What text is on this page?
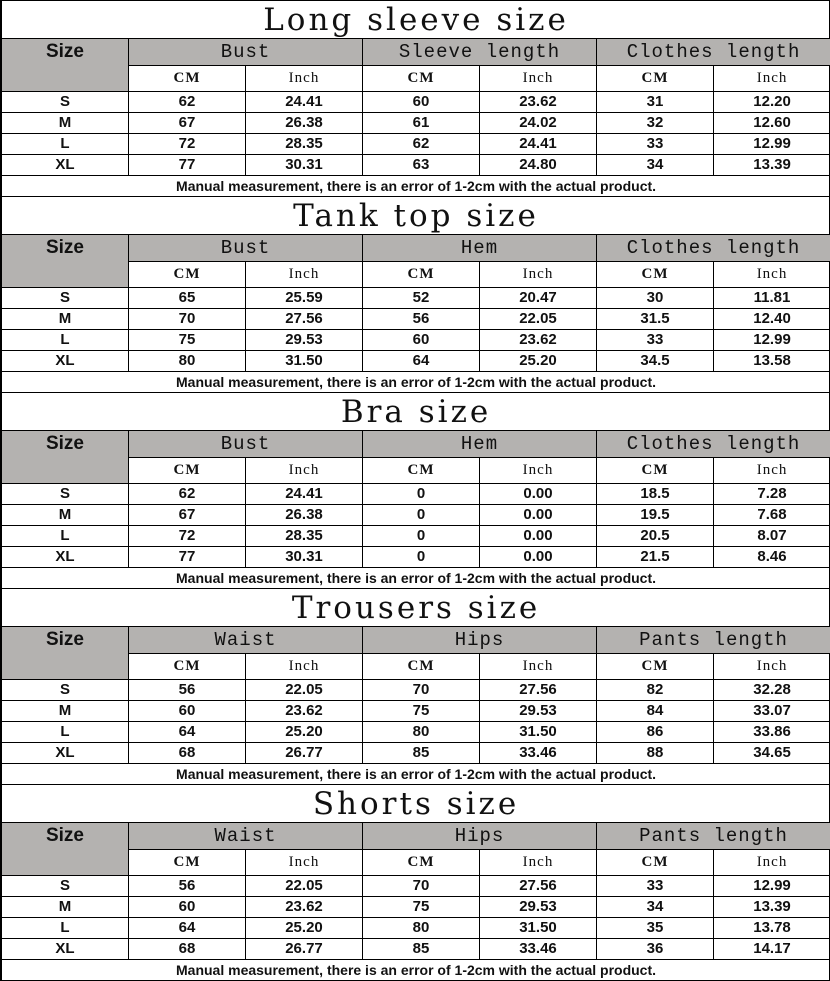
Long sleeve size						
Size	Bust		Sleeve length		Clothes length	
	CM	Inch	CM	Inch	CM	Inch
S	62	24.41	60	23.62	31	12.20
M	67	26.38	61	24.02	32	12.60
L	72	28.35	62	24.41	33	12.99
XL	77	30.31	63	24.80	34	13.39
Manual measurement, there is an error of 1-2cm with the actual product.						
Tank top size						
Size	Bust		Hem		Clothes length	
	CM	Inch	CM	Inch	CM	Inch
S	65	25.59	52	20.47	30	11.81
M	70	27.56	56	22.05	31.5	12.40
L	75	29.53	60	23.62	33	12.99
XL	80	31.50	64	25.20	34.5	13.58
Manual measurement, there is an error of 1-2cm with the actual product.						
Bra size						
Size	Bust		Hem		Clothes length	
	CM	Inch	CM	Inch	CM	Inch
S	62	24.41	0	0.00	18.5	7.28
M	67	26.38	0	0.00	19.5	7.68
L	72	28.35	0	0.00	20.5	8.07
XL	77	30.31	0	0.00	21.5	8.46
Manual measurement, there is an error of 1-2cm with the actual product.						
Trousers size						
Size	Waist		Hips		Pants length	
	CM	Inch	CM	Inch	CM	Inch
S	56	22.05	70	27.56	82	32.28
M	60	23.62	75	29.53	84	33.07
L	64	25.20	80	31.50	86	33.86
XL	68	26.77	85	33.46	88	34.65
Manual measurement, there is an error of 1-2cm with the actual product.						
Shorts size						
Size	Waist		Hips		Pants length	
	CM	Inch	CM	Inch	CM	Inch
S	56	22.05	70	27.56	33	12.99
M	60	23.62	75	29.53	34	13.39
L	64	25.20	80	31.50	35	13.78
XL	68	26.77	85	33.46	36	14.17
Manual measurement, there is an error of 1-2cm with the actual product.						
